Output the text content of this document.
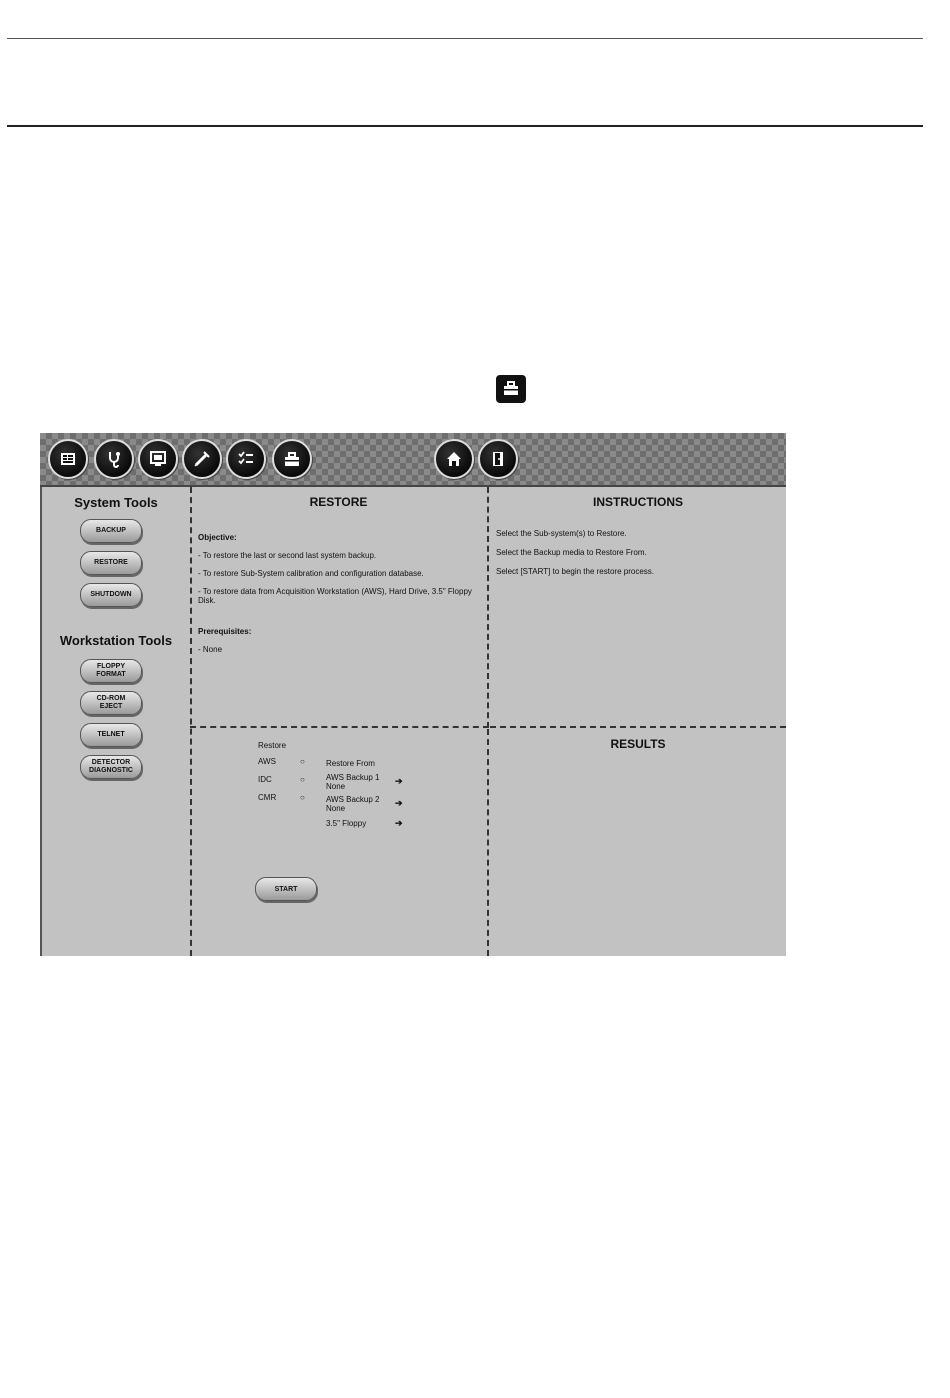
System Tools
BACKUP
RESTORE
SHUTDOWN
Workstation Tools
FLOPPY
FORMAT
CD-ROM
EJECT
TELNET
DETECTOR
DIAGNOSTIC
RESTORE
Objective:
- To restore the last or second last system backup.
- To restore Sub-System calibration and configuration database.
- To restore data from Acquisition Workstation (AWS), Hard Drive, 3.5" Floppy Disk.
Prerequisites:
- None
INSTRUCTIONS
Select the Sub-system(s) to Restore.
Select the Backup media to Restore From.
Select [START] to begin the restore process.
Restore
AWS	○
IDC	○
CMR	○
Restore From
AWS Backup 1
None
➔
AWS Backup 2
None
➔
3.5" Floppy	➔
START
RESULTS
